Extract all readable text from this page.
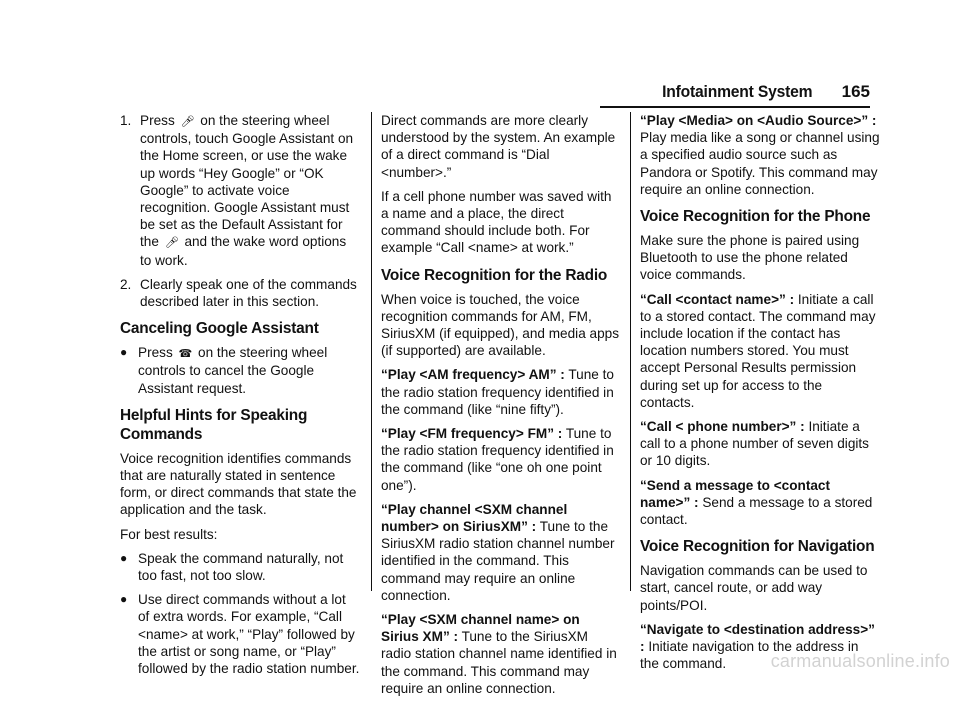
Infotainment System 165
1. Press 🎤︎ on the steering wheel controls, touch Google Assistant on the Home screen, or use the wake up words “Hey Google” or “OK Google” to activate voice recognition. Google Assistant must be set as the Default Assistant for the 🎤︎ and the wake word options to work.
2. Clearly speak one of the commands described later in this section.
Canceling Google Assistant
● Press ☎ on the steering wheel controls to cancel the Google Assistant request.
Helpful Hints for Speaking Commands

Voice recognition identifies commands that are naturally stated in sentence form, or direct commands that state the application and the task.

For best results:

● Speak the command naturally, not too fast, not too slow.
● Use direct commands without a lot of extra words. For example, “Call <name> at work,” “Play” followed by the artist or song name, or “Play” followed by the radio station number.

Direct commands are more clearly understood by the system. An example of a direct command is “Dial <number>.”

If a cell phone number was saved with a name and a place, the direct command should include both. For example “Call <name> at work.”

Voice Recognition for the Radio

When voice is touched, the voice recognition commands for AM, FM, SiriusXM (if equipped), and media apps (if supported) are available.

“Play <AM frequency> AM” : Tune to the radio station frequency identified in the command (like “nine fifty”).

“Play <FM frequency> FM” : Tune to the radio station frequency identified in the command (like “one oh one point one”).

“Play channel <SXM channel number> on SiriusXM” : Tune to the SiriusXM radio station channel number identified in the command. This command may require an online connection.

“Play <SXM channel name> on Sirius XM” : Tune to the SiriusXM radio station channel name identified in the command. This command may require an online connection.

“Play <Media> on <Audio Source>” : Play media like a song or channel using a specified audio source such as Pandora or Spotify. This command may require an online connection.

Voice Recognition for the Phone

Make sure the phone is paired using Bluetooth to use the phone related voice commands.

“Call <contact name>” : Initiate a call to a stored contact. The command may include location if the contact has location numbers stored. You must accept Personal Results permission during set up for access to the contacts.

“Call < phone number>” : Initiate a call to a phone number of seven digits or 10 digits.

“Send a message to <contact name>” : Send a message to a stored contact.

Voice Recognition for Navigation

Navigation commands can be used to start, cancel route, or add way points/POI.

“Navigate to <destination address>” : Initiate navigation to the address in the command.	carmanualsonline.info
